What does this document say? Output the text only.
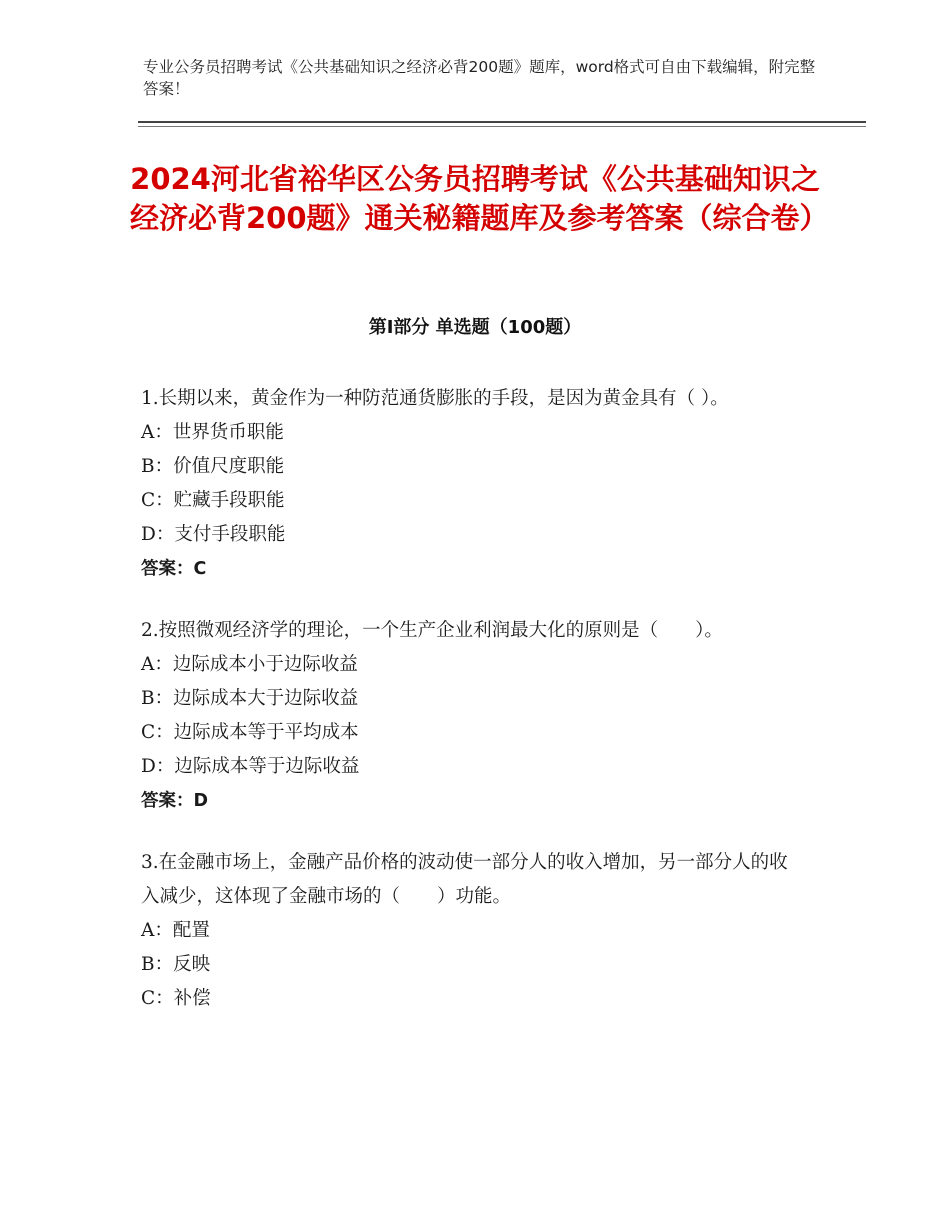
专业公务员招聘考试《公共基础知识之经济必背200题》题库，word格式可自由下载编辑，附完整答案！
2024河北省裕华区公务员招聘考试《公共基础知识之经济必背200题》通关秘籍题库及参考答案（综合卷）
第Ⅰ部分 单选题（100题）

1.长期以来，黄金作为一种防范通货膨胀的手段，是因为黄金具有（ ）。

A：世界货币职能

B：价值尺度职能

C：贮藏手段职能

D：支付手段职能

答案：C

2.按照微观经济学的理论，一个生产企业利润最大化的原则是（　　）。

A：边际成本小于边际收益

B：边际成本大于边际收益

C：边际成本等于平均成本

D：边际成本等于边际收益

答案：D

3.在金融市场上，金融产品价格的波动使一部分人的收入增加，另一部分人的收入减少，这体现了金融市场的（　　）功能。

A：配置

B：反映

C：补偿
